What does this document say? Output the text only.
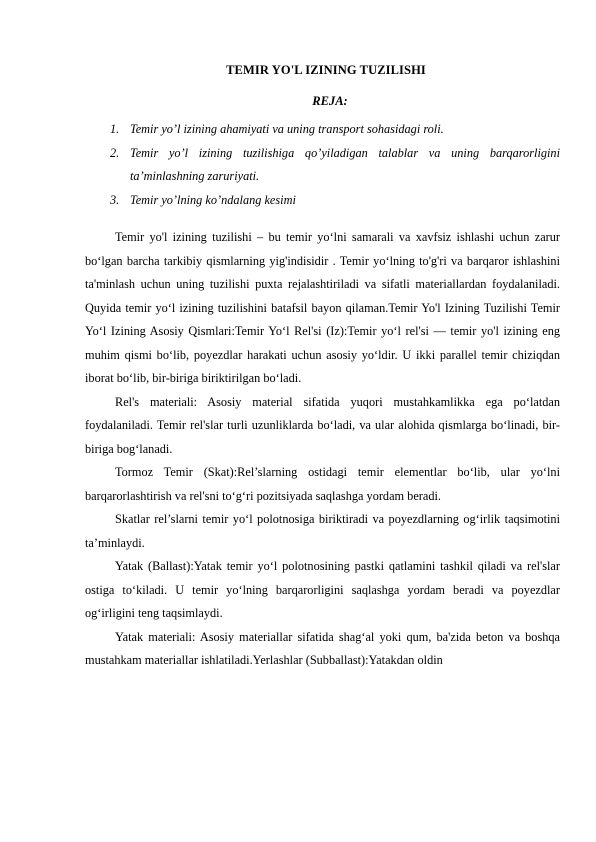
TEMIR YO'L IZINING TUZILISHI
REJA:
1. Temir yo’l izining ahamiyati va uning transport sohasidagi roli.
2. Temir yo’l izining tuzilishiga qo’yiladigan talablar va uning barqarorligini ta’minlashning zaruriyati.
3. Temir yo’lning ko’ndalang kesimi

Temir yo'l izining tuzilishi – bu temir yo‘lni samarali va xavfsiz ishlashi uchun zarur bo‘lgan barcha tarkibiy qismlarning yig'indisidir . Temir yo‘lning to'g'ri va barqaror ishlashini ta'minlash uchun uning tuzilishi puxta rejalashtiriladi va sifatli materiallardan foydalaniladi. Quyida temir yo‘l izining tuzilishini batafsil bayon qilaman.Temir Yo'l Izining Tuzilishi Temir Yo‘l Izining Asosiy Qismlari:Temir Yo‘l Rel'si (Iz):Temir yo‘l rel'si — temir yo'l izining eng muhim qismi bo‘lib, poyezdlar harakati uchun asosiy yo‘ldir. U ikki parallel temir chiziqdan iborat bo‘lib, bir-biriga biriktirilgan bo‘ladi.

Rel's materiali: Asosiy material sifatida yuqori mustahkamlikka ega po‘latdan foydalaniladi. Temir rel'slar turli uzunliklarda bo‘ladi, va ular alohida qismlarga bo‘linadi, bir-biriga bog‘lanadi.

Tormoz Temir (Skat):Rel’slarning ostidagi temir elementlar bo‘lib, ular yo‘lni barqarorlashtirish va rel'sni to‘g‘ri pozitsiyada saqlashga yordam beradi.

Skatlar rel’slarni temir yo‘l polotnosiga biriktiradi va poyezdlarning og‘irlik taqsimotini ta’minlaydi.

Yatak (Ballast):Yatak temir yo‘l polotnosining pastki qatlamini tashkil qiladi va rel'slar ostiga to‘kiladi. U temir yo‘lning barqarorligini saqlashga yordam beradi va poyezdlar og‘irligini teng taqsimlaydi.

Yatak materiali: Asosiy materiallar sifatida shag‘al yoki qum, ba'zida beton va boshqa mustahkam materiallar ishlatiladi.Yerlashlar (Subballast):Yatakdan oldin
